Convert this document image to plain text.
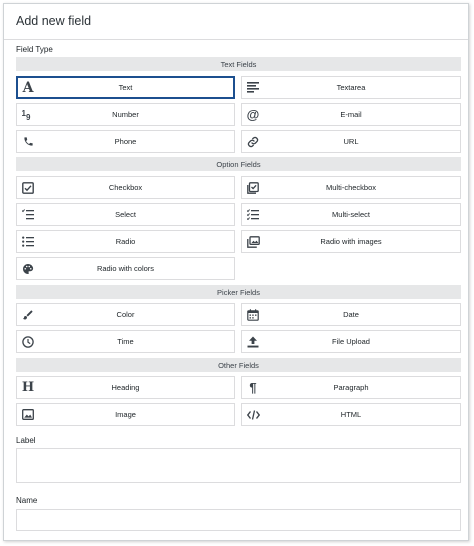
Add new field
Field Type
Text Fields
A	Text	Textarea
1 9	Number	@	E-mail
Phone	URL
Option Fields
Checkbox	Multi-checkbox
Select	Multi-select
Radio	Radio with images
Radio with colors
Picker Fields
Color	Date
Time	File Upload
Other Fields
H	Heading	¶	Paragraph
Image	HTML
Label
Name
